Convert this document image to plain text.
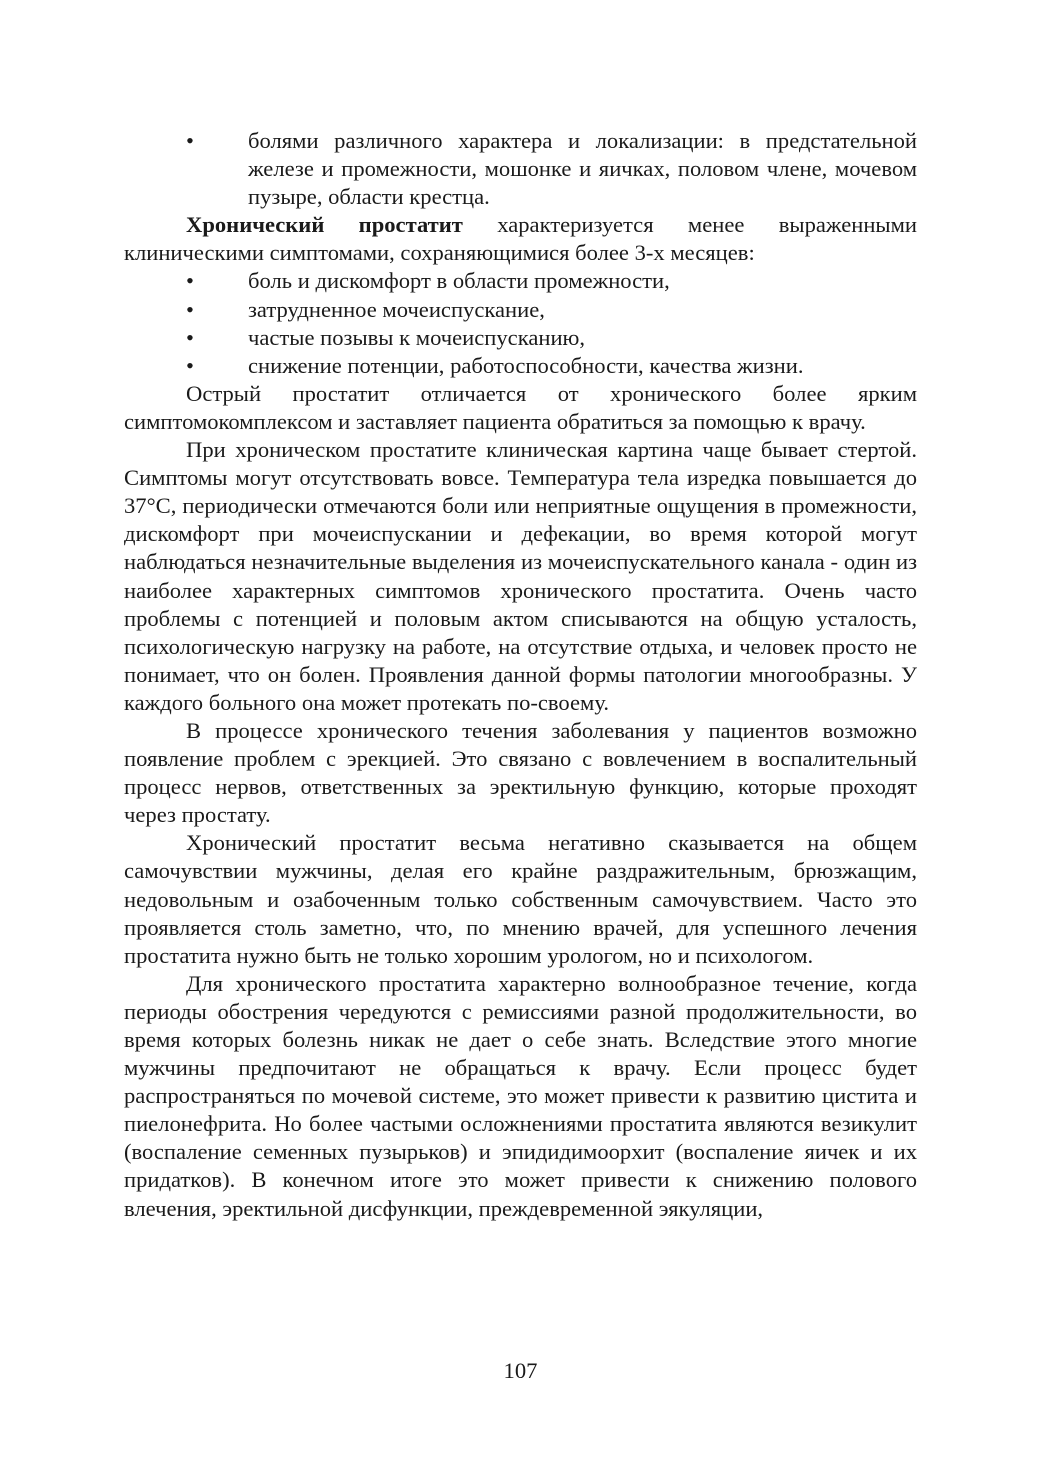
• болями различного характера и локализации: в предстательной железе и промежности, мошонке и яичках, половом члене, мочевом пузыре, области крестца.

Хронический простатит характеризуется менее выраженными клиническими симптомами, сохраняющимися более 3-х месяцев:

• боль и дискомфорт в области промежности,

• затрудненное мочеиспускание,

• частые позывы к мочеиспусканию,

• снижение потенции, работоспособности, качества жизни.

Острый простатит отличается от хронического более ярким симптомокомплексом и заставляет пациента обратиться за помощью к врачу.

При хроническом простатите клиническая картина чаще бывает стертой. Симптомы могут отсутствовать вовсе. Температура тела изредка повышается до 37°С, периодически отмечаются боли или неприятные ощущения в промежности, дискомфорт при мочеиспускании и дефекации, во время которой могут наблюдаться незначительные выделения из мочеиспускательного канала - один из наиболее характерных симптомов хронического простатита. Очень часто проблемы с потенцией и половым актом списываются на общую усталость, психологическую нагрузку на работе, на отсутствие отдыха, и человек просто не понимает, что он болен. Проявления данной формы патологии многообразны. У каждого больного она может протекать по-своему.

В процессе хронического течения заболевания у пациентов возможно появление проблем с эрекцией. Это связано с вовлечением в воспалительный процесс нервов, ответственных за эректильную функцию, которые проходят через простату.

Хронический простатит весьма негативно сказывается на общем самочувствии мужчины, делая его крайне раздражительным, брюзжащим, недовольным и озабоченным только собственным самочувствием. Часто это проявляется столь заметно, что, по мнению врачей, для успешного лечения простатита нужно быть не только хорошим урологом, но и психологом.

Для хронического простатита характерно волнообразное течение, когда периоды обострения чередуются с ремиссиями разной продолжительности, во время которых болезнь никак не дает о себе знать. Вследствие этого многие мужчины предпочитают не обращаться к врачу. Если процесс будет распространяться по мочевой системе, это может привести к развитию цистита и пиелонефрита. Но более частыми осложнениями простатита являются везикулит (воспаление семенных пузырьков) и эпидидимоорхит (воспаление яичек и их придатков). В конечном итоге это может привести к снижению полового влечения, эректильной дисфункции, преждевременной эякуляции,

107
